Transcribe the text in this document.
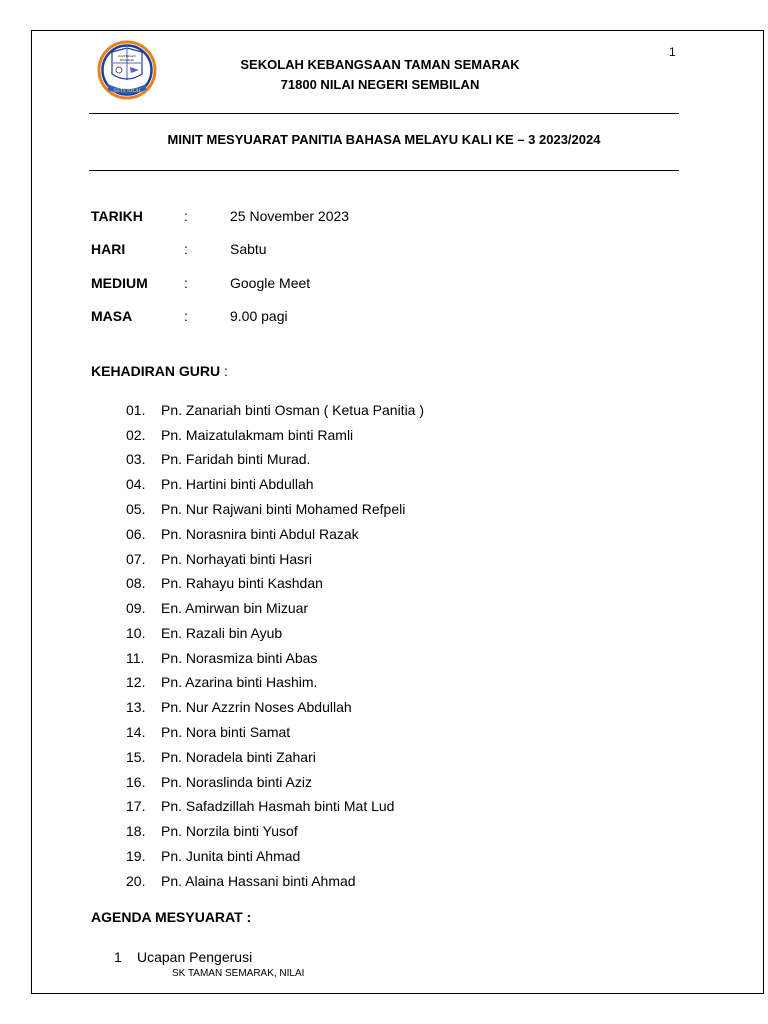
1
KANTASAN
SEMARAK
SKTS NILAI
SEKOLAH KEBANGSAAN TAMAN SEMARAK
71800 NILAI NEGERI SEMBILAN
MINIT MESYUARAT PANITIA BAHASA MELAYU KALI KE – 3 2023/2024
TARIKH	:	25 November 2023
HARI	:	Sabtu
MEDIUM	:	Google Meet
MASA	:	9.00 pagi
KEHADIRAN GURU :
01. Pn. Zanariah binti Osman ( Ketua Panitia )
02. Pn. Maizatulakmam binti Ramli
03. Pn. Faridah binti Murad.
04. Pn. Hartini binti Abdullah
05. Pn. Nur Rajwani binti Mohamed Refpeli
06. Pn. Norasnira binti Abdul Razak
07. Pn. Norhayati binti Hasri
08. Pn. Rahayu binti Kashdan
09. En. Amirwan bin Mizuar
10. En. Razali bin Ayub
11. Pn. Norasmiza binti Abas
12. Pn. Azarina binti Hashim.
13. Pn. Nur Azzrin Noses Abdullah
14. Pn. Nora binti Samat
15. Pn. Noradela binti Zahari
16. Pn. Noraslinda binti Aziz
17. Pn. Safadzillah Hasmah binti Mat Lud
18. Pn. Norzila binti Yusof
19. Pn. Junita binti Ahmad
20. Pn. Alaina Hassani binti Ahmad
AGENDA MESYUARAT :
1 Ucapan Pengerusi
SK TAMAN SEMARAK, NILAI
